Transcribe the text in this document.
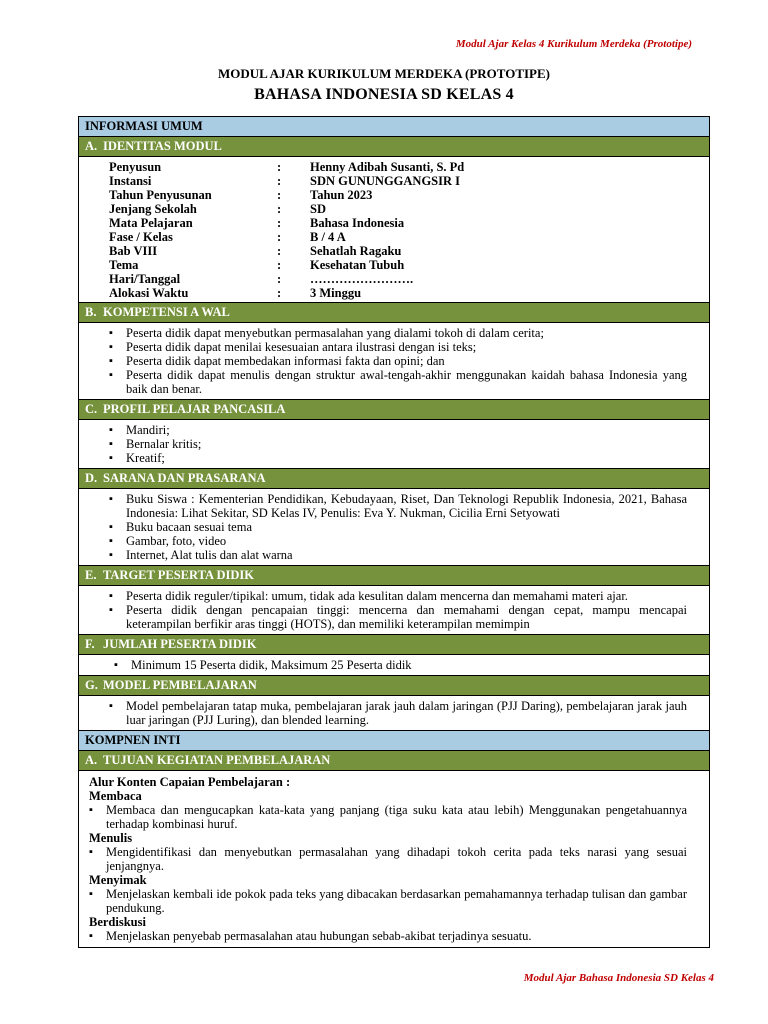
Modul Ajar Kelas 4 Kurikulum Merdeka (Prototipe)
MODUL AJAR KURIKULUM MERDEKA (PROTOTIPE)
BAHASA INDONESIA SD KELAS 4
INFORMASI UMUM
A. IDENTITAS MODUL
Penyusun	:	Henny Adibah Susanti, S. Pd
Instansi	:	SDN GUNUNGGANGSIR I
Tahun Penyusunan	:	Tahun 2023
Jenjang Sekolah	:	SD
Mata Pelajaran	:	Bahasa Indonesia
Fase / Kelas	:	B / 4 A
Bab VIII	:	Sehatlah Ragaku
Tema	:	Kesehatan Tubuh
Hari/Tanggal	:	…………………….
Alokasi Waktu	:	3 Minggu
B. KOMPETENSI A WAL
▪ Peserta didik dapat menyebutkan permasalahan yang dialami tokoh di dalam cerita;
▪ Peserta didik dapat menilai kesesuaian antara ilustrasi dengan isi teks;
▪ Peserta didik dapat membedakan informasi fakta dan opini; dan
▪ Peserta didik dapat menulis dengan struktur awal-tengah-akhir menggunakan kaidah bahasa Indonesia yang baik dan benar.
C. PROFIL PELAJAR PANCASILA
▪ Mandiri;
▪ Bernalar kritis;
▪ Kreatif;
D. SARANA DAN PRASARANA
▪ Buku Siswa : Kementerian Pendidikan, Kebudayaan, Riset, Dan Teknologi Republik Indonesia, 2021, Bahasa Indonesia: Lihat Sekitar, SD Kelas IV, Penulis: Eva Y. Nukman, Cicilia Erni Setyowati
▪ Buku bacaan sesuai tema
▪ Gambar, foto, video
▪ Internet, Alat tulis dan alat warna
E. TARGET PESERTA DIDIK
▪ Peserta didik reguler/tipikal: umum, tidak ada kesulitan dalam mencerna dan memahami materi ajar.
▪ Peserta didik dengan pencapaian tinggi: mencerna dan memahami dengan cepat, mampu mencapai keterampilan berfikir aras tinggi (HOTS), dan memiliki keterampilan memimpin
F. JUMLAH PESERTA DIDIK
▪ Minimum 15 Peserta didik, Maksimum 25 Peserta didik
G. MODEL PEMBELAJARAN
▪ Model pembelajaran tatap muka, pembelajaran jarak jauh dalam jaringan (PJJ Daring), pembelajaran jarak jauh luar jaringan (PJJ Luring), dan blended learning.
KOMPNEN INTI
A. TUJUAN KEGIATAN PEMBELAJARAN
Alur Konten Capaian Pembelajaran :
Membaca
▪ Membaca dan mengucapkan kata-kata yang panjang (tiga suku kata atau lebih) Menggunakan pengetahuannya terhadap kombinasi huruf.
Menulis
▪ Mengidentifikasi dan menyebutkan permasalahan yang dihadapi tokoh cerita pada teks narasi yang sesuai jenjangnya.
Menyimak
▪ Menjelaskan kembali ide pokok pada teks yang dibacakan berdasarkan pemahamannya terhadap tulisan dan gambar pendukung.
Berdiskusi
▪ Menjelaskan penyebab permasalahan atau hubungan sebab-akibat terjadinya sesuatu.
Modul Ajar Bahasa Indonesia SD Kelas 4
